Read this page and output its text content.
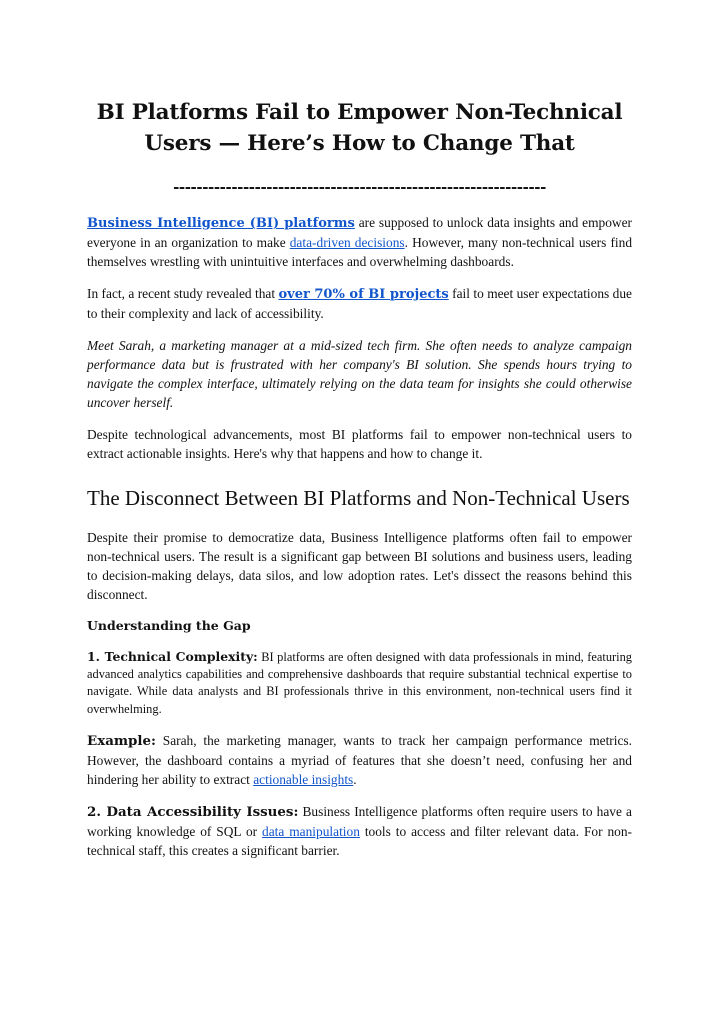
BI Platforms Fail to Empower Non-Technical
Users — Here’s How to Change That
----------------------------------------------------------------

Business Intelligence (BI) platforms are supposed to unlock data insights and empower everyone in an organization to make data-driven decisions. However, many non-technical users find themselves wrestling with unintuitive interfaces and overwhelming dashboards.

In fact, a recent study revealed that over 70% of BI projects fail to meet user expectations due to their complexity and lack of accessibility.

Meet Sarah, a marketing manager at a mid-sized tech firm. She often needs to analyze campaign performance data but is frustrated with her company's BI solution. She spends hours trying to navigate the complex interface, ultimately relying on the data team for insights she could otherwise uncover herself.

Despite technological advancements, most BI platforms fail to empower non-technical users to extract actionable insights. Here's why that happens and how to change it.

The Disconnect Between BI Platforms and Non-Technical Users

Despite their promise to democratize data, Business Intelligence platforms often fail to empower non-technical users. The result is a significant gap between BI solutions and business users, leading to decision-making delays, data silos, and low adoption rates. Let's dissect the reasons behind this disconnect.

Understanding the Gap

1. Technical Complexity: BI platforms are often designed with data professionals in mind, featuring advanced analytics capabilities and comprehensive dashboards that require substantial technical expertise to navigate. While data analysts and BI professionals thrive in this environment, non-technical users find it overwhelming.

Example: Sarah, the marketing manager, wants to track her campaign performance metrics. However, the dashboard contains a myriad of features that she doesn’t need, confusing her and hindering her ability to extract actionable insights.

2. Data Accessibility Issues: Business Intelligence platforms often require users to have a working knowledge of SQL or data manipulation tools to access and filter relevant data. For non-technical staff, this creates a significant barrier.
